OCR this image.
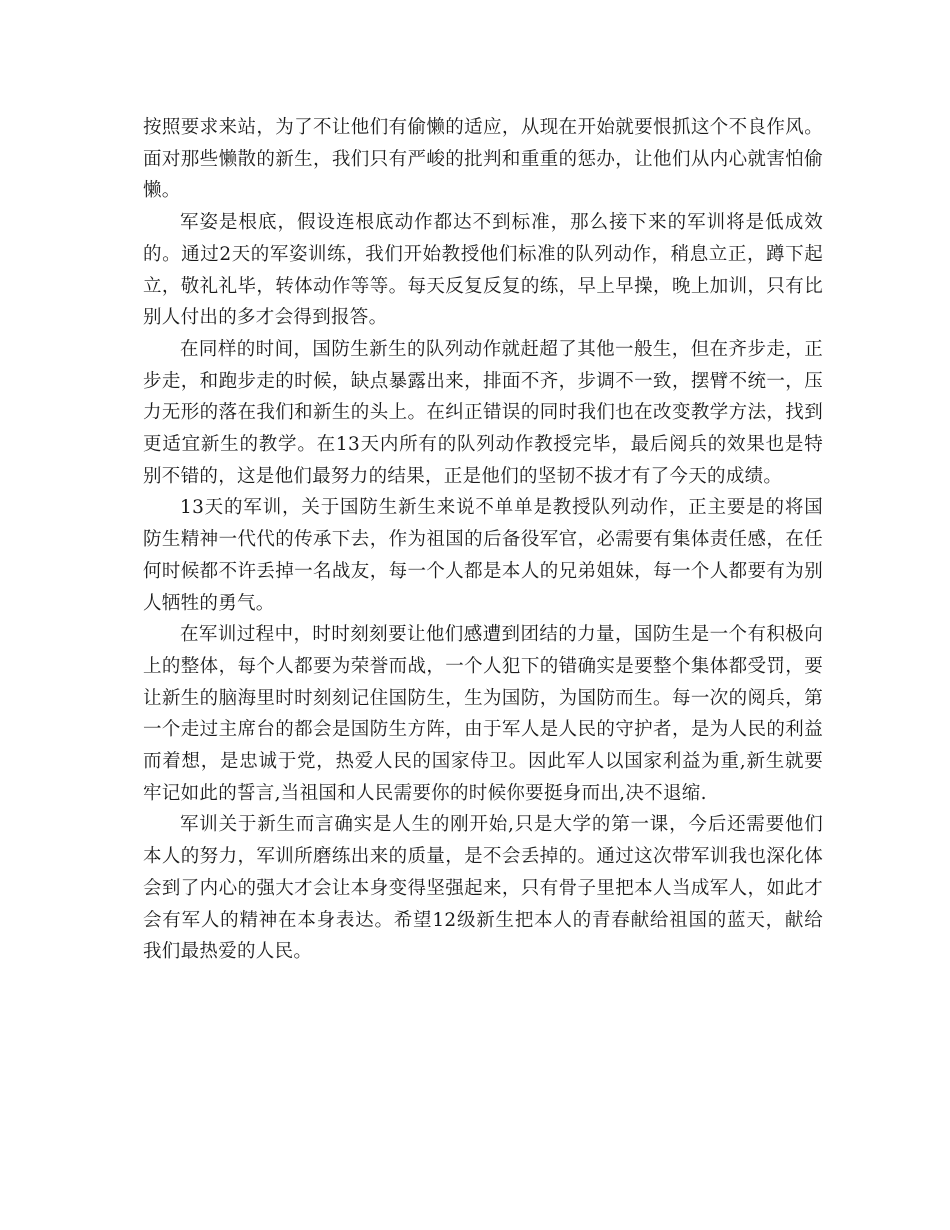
按照要求来站，为了不让他们有偷懒的适应，从现在开始就要恨抓这个不良作风。面对那些懒散的新生，我们只有严峻的批判和重重的惩办，让他们从内心就害怕偷懒。

军姿是根底，假设连根底动作都达不到标准，那么接下来的军训将是低成效的。通过2天的军姿训练，我们开始教授他们标准的队列动作，稍息立正，蹲下起立，敬礼礼毕，转体动作等等。每天反复反复的练，早上早操，晚上加训，只有比别人付出的多才会得到报答。

在同样的时间，国防生新生的队列动作就赶超了其他一般生，但在齐步走，正步走，和跑步走的时候，缺点暴露出来，排面不齐，步调不一致，摆臂不统一，压力无形的落在我们和新生的头上。在纠正错误的同时我们也在改变教学方法，找到更适宜新生的教学。在13天内所有的队列动作教授完毕，最后阅兵的效果也是特别不错的，这是他们最努力的结果，正是他们的坚韧不拔才有了今天的成绩。

13天的军训，关于国防生新生来说不单单是教授队列动作，正主要是的将国防生精神一代代的传承下去，作为祖国的后备役军官，必需要有集体责任感，在任何时候都不许丢掉一名战友，每一个人都是本人的兄弟姐妹，每一个人都要有为别人牺牲的勇气。

在军训过程中，时时刻刻要让他们感遭到团结的力量，国防生是一个有积极向上的整体，每个人都要为荣誉而战，一个人犯下的错确实是要整个集体都受罚，要让新生的脑海里时时刻刻记住国防生，生为国防，为国防而生。每一次的阅兵，第一个走过主席台的都会是国防生方阵，由于军人是人民的守护者，是为人民的利益而着想，是忠诚于党，热爱人民的国家侍卫。因此军人以国家利益为重,新生就要牢记如此的誓言,当祖国和人民需要你的时候你要挺身而出,决不退缩.

军训关于新生而言确实是人生的刚开始,只是大学的第一课，今后还需要他们本人的努力，军训所磨练出来的质量，是不会丢掉的。通过这次带军训我也深化体会到了内心的强大才会让本身变得坚强起来，只有骨子里把本人当成军人，如此才会有军人的精神在本身表达。希望12级新生把本人的青春献给祖国的蓝天，献给我们最热爱的人民。
